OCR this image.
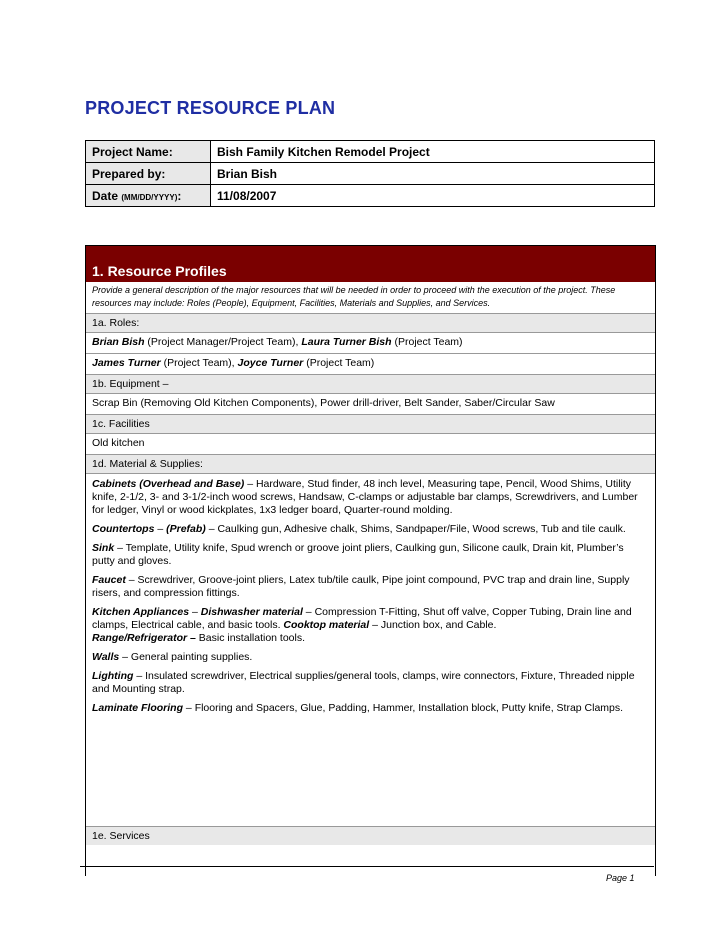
PROJECT RESOURCE PLAN
Project Name:	Bish Family Kitchen Remodel Project
Prepared by:	Brian Bish
Date (MM/DD/YYYY):	11/08/2007
1. Resource Profiles
Provide a general description of the major resources that will be needed in order to proceed with the execution of the project. These resources may include: Roles (People), Equipment, Facilities, Materials and Supplies, and Services.
1a. Roles:
Brian Bish (Project Manager/Project Team), Laura Turner Bish (Project Team)
James Turner (Project Team), Joyce Turner (Project Team)
1b. Equipment –
Scrap Bin (Removing Old Kitchen Components), Power drill-driver, Belt Sander, Saber/Circular Saw
1c. Facilities
Old kitchen
1d. Material & Supplies:
Cabinets (Overhead and Base) – Hardware, Stud finder, 48 inch level, Measuring tape, Pencil, Wood Shims, Utility knife, 2-1/2, 3- and 3-1/2-inch wood screws, Handsaw, C-clamps or adjustable bar clamps, Screwdrivers, and Lumber for ledger, Vinyl or wood kickplates, 1x3 ledger board, Quarter-round molding.
Countertops – (Prefab) – Caulking gun, Adhesive chalk, Shims, Sandpaper/File, Wood screws, Tub and tile caulk.
Sink – Template, Utility knife, Spud wrench or groove joint pliers, Caulking gun, Silicone caulk, Drain kit, Plumber’s putty and gloves.
Faucet – Screwdriver, Groove-joint pliers, Latex tub/tile caulk, Pipe joint compound, PVC trap and drain line, Supply risers, and compression fittings.
Kitchen Appliances – Dishwasher material – Compression T-Fitting, Shut off valve, Copper Tubing, Drain line and clamps, Electrical cable, and basic tools. Cooktop material – Junction box, and Cable.
Range/Refrigerator – Basic installation tools.
Walls – General painting supplies.
Lighting – Insulated screwdriver, Electrical supplies/general tools, clamps, wire connectors, Fixture, Threaded nipple and Mounting strap.
Laminate Flooring – Flooring and Spacers, Glue, Padding, Hammer, Installation block, Putty knife, Strap Clamps.
1e. Services
Page 1
